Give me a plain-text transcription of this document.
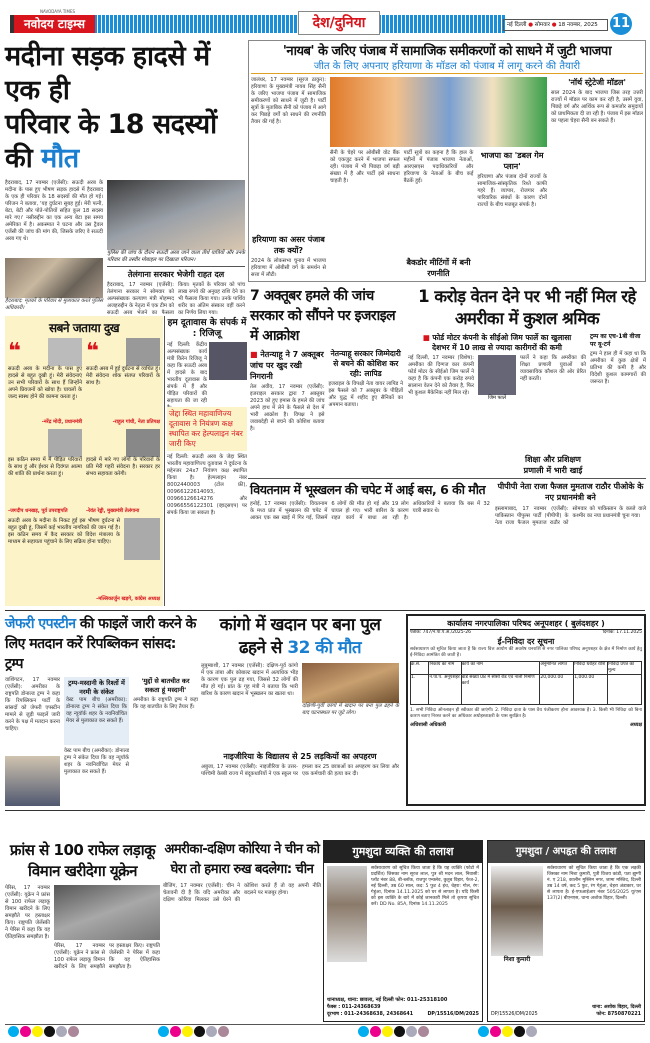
NAVODAYA TIMES
नवोदय टाइम्स	देश/दुनिया	नई दिल्ली ● सोमवार ● 18 नवम्बर, 2025	11
मदीना सड़क हादसे में एक ही
परिवार के 18 सदस्यों की मौत
हैदराबाद, 17 नवम्बर (एजेंसी): सऊदी अरब के मदीना के पास हुए भीषण सड़क हादसे में हैदराबाद के एक ही परिवार के 18 सदस्यों की मौत हो गई। परिजन ने बताया, 'यह दुर्घटना सुबह हुई। मेरी पत्नी, बेटा, बेटी और पोते-पोतियों सहित कुल 18 सदस्य मारे गए।' नसीरुद्दीन का एक अन्य बेटा इस समय अमेरिका में है। अकस्मात ने घटना और उस ट्रैवल एजेंसी की जांच की मांग की, जिसके जरिए वे सऊदी अरब गए थे।
हैदराबाद: मृतकों के परिवार से मुलाकात करते पुलिस अधिकारी।
पुलिस की जांच के दौरान सऊदी अरब जाने वाला तीर्थ यात्रियों और उनके परिवार की तस्वीर मोबाइल पर दिखाता परिजन।
तेलंगाना सरकार भेजेगी राहत दल
हैदराबाद, 17 नवम्बर (एजेंसी): तेलंगाना सरकार ने सोमवार को अल्पसंख्यक कल्याण मंत्री मोहम्मद अजहरुद्दीन के नेतृत्व में एक टीम को सऊदी अरब भेजने का फैसला किया। मृतकों के परिवार को पांच लाख रुपये की अनुग्रह राशि देने का भी फैसला किया गया। उनके पार्थिव शरीर का अंतिम संस्कार वहीं करने का निर्णय लिया गया।
सबने जताया दुख
❝
सऊदी अरब के मदीना के पास हुए हादसे से बहुत दुखी हूं। मेरी संवेदनाएं उन सभी परिवारों के साथ हैं जिन्होंने अपने प्रियजनों को खोया है। घायलों के जल्द स्वस्थ होने की कामना करता हूं।
-नरेंद्र मोदी, प्रधानमंत्री
❝
सऊदी अरब में हुई दुर्घटना से व्यथित हूं। मेरी संवेदना शोक संतप्त परिवारों के साथ है।
-राहुल गांधी, नेता प्रतिपक्ष
इस कठिन समय में मैं पीड़ित परिवारों के साथ हूं और ईश्वर से दिवंगत आत्मा की शांति की प्रार्थना करता हूं।
-जगदीप धनखड़, पूर्व उपराष्ट्रपति
हादसे में मारे गए लोगों के परिवारों के प्रति मेरी गहरी संवेदना है। सरकार हर संभव सहायता करेगी।
-रेवंत रेड्डी, मुख्यमंत्री तेलंगाना
सऊदी अरब के मदीना के निकट हुई इस भीषण दुर्घटना से बहुत दुखी हूं, जिसमें कई भारतीय नागरिकों की जान गई है। इस कठिन समय में कैद सरकार को विदेश मंत्रालय के माध्यम से सहायता पहुंचाने के लिए सक्रिय होना चाहिए।
-मल्लिकार्जुन खड़गे, कांग्रेस अध्यक्ष
हम दूतावास के संपर्क में : रिजिजू
नई दिल्ली: केंद्रीय अल्पसंख्यक कार्य मंत्री किरेन रिजिजू ने कहा कि सऊदी अरब में हादसे के बाद भारतीय दूतावास के संपर्क में हैं और पीड़ित परिवारों की सहायता की जा रही
जेद्दा स्थित महावाणिज्य दूतावास ने नियंत्रण कक्ष स्थापित कर हेल्पलाइन नंबर जारी किए
नई दिल्ली: सऊदी अरब के जेद्दा स्थित भारतीय महावाणिज्य दूतावास ने दुर्घटना के मद्देनजर 24x7 नियंत्रण कक्ष स्थापित किया है। हेल्पलाइन नंबर 8002440003 (टोल फ्री), 00966122614093, 00966126614276 और 00966556122301 (व्हाट्सएप) पर संपर्क किया जा सकता है।
'नायब' के जरिए पंजाब में सामाजिक समीकरणों को साधने में जुटी भाजपा
जीत के लिए अपनाए हरियाणा के मॉडल को पंजाब में लागू करने की तैयारी
जालंधर, 17 नवम्बर (सूरज ठाकुर): हरियाणा के मुख्यमंत्री नायब सिंह सैनी के जरिए भाजपा पंजाब में सामाजिक समीकरणों को साधने में जुटी है। पार्टी सूत्रों के मुताबिक सैनी को पंजाब में आगे कर पिछड़े वर्गों को साधने की रणनीति तैयार की गई है।
हरियाणा का असर पंजाब तक क्यों?
2024 के लोकसभा चुनाव में भाजपा हरियाणा में ओबीसी वर्ग के समर्थन से सत्ता में लौटी।
सैनी के चेहरे पर ओबीसी वोट बैंक को एकजुट करने में भाजपा सफल रही। पंजाब में भी पिछड़ा वर्ग बड़ी संख्या में है और पार्टी इसे साधना चाहती है।
पार्टी सूत्रों का कहना है कि हाल के महीनों में पंजाब भाजपा नेताओं, आरएसएस पदाधिकारियों और हरियाणा के नेताओं के बीच कई बैठकें हुईं।
बैकडोर मीटिंगों में बनी रणनीति
भाजपा का 'डबल गेम प्लान'
हरियाणा और पंजाब दोनों राज्यों के सामाजिक-सांस्कृतिक रिश्ते काफी गहरे हैं। व्यापार, रोजगार और पारिवारिक संबंधों के कारण दोनों राज्यों के बीच मजबूत संपर्क है।
'नॉर्थ स्ट्रेटेजी मॉडल'
साल 2024 के बाद भाजपा जिस तरह उत्तरी राज्यों में मॉडल पर काम कर रही है, उसमें युवा, पिछड़े वर्ग और आर्थिक रूप से कमजोर समुदायों को प्राथमिकता दी जा रही है। पंजाब में इस मॉडल का पहला चेहरा सैनी बन सकते हैं।
7 अक्तूबर हमले की जांच सरकार को सौंपने पर इजराइल में आक्रोश
■ नेतन्याहू ने 7 अक्तूबर जांच पर खुद रखी निगरानी
तेल अवीव, 17 नवम्बर (एजेंसी): इजराइल सरकार द्वारा 7 अक्तूबर 2023 को हुए हमास के हमले की जांच अपने हाथ में लेने के फैसले से देश में भारी आक्रोश है। विपक्ष ने इसे जवाबदेही से बचने की कोशिश बताया है।
नेतन्याहू सरकार जिम्मेदारी से बचने की कोशिश कर रही: लापिड
इजराइल के विपक्षी नेता यायर लापिड ने इस फैसले को 7 अक्तूबर के पीड़ितों और युद्ध में शहीद हुए सैनिकों का अपमान बताया।
1 करोड़ वेतन देने पर भी नहीं मिल रहे अमरीका में कुशल श्रमिक
■ फोर्ड मोटर कंपनी के सीईओ जिम फार्ले का खुलासा
देशभर में 10 लाख से ज्यादा कारीगरों की कमी
नई दिल्ली, 17 नवम्बर (विशेष): अमरीका की दिग्गज कार कंपनी फोर्ड मोटर के सीईओ जिम फार्ले ने कहा है कि कंपनी एक करोड़ रुपये सालाना वेतन देने को तैयार है, फिर भी कुशल मैकेनिक नहीं मिल रहे।
जिम फार्ले
फार्ले ने कहा कि अमरीका की शिक्षा प्रणाली युवाओं को व्यावसायिक कौशल की ओर प्रेरित नहीं करती।
शिक्षा और प्रशिक्षण प्रणाली में भारी खाई
ट्रम्प का एच-1बी वीजा पर यू-टर्न
ट्रम्प ने हाल ही में कहा था कि अमरीका में कुछ क्षेत्रों में प्रतिभा की कमी है और विदेशी कुशल कामगारों की जरूरत है।
वियतनाम में भूस्खलन की चपेट में आई बस, 6 की मौत
हनोई, 17 नवम्बर (एजेंसी): वियतनाम के मध्य प्रांत में भूस्खलन की चपेट में आकर एक बस खाई में गिर गई, जिसमें 6 लोगों की मौत हो गई और 19 लोग घायल हो गए। भारी बारिश के कारण राहत कार्य में बाधा आ रही है। अधिकारियों ने बताया कि बस में 32 यात्री सवार थे।
पीपीपी नेता राजा फैजल मुमताज राठौर पीओके के नए प्रधानमंत्री बने
इस्लामाबाद, 17 नवम्बर (एजेंसी): पाकिस्तान पीपुल्स पार्टी (पीपीपी) के नेता राजा फैजल मुमताज राठौर को सोमवार को पाकिस्तान के कब्जे वाले कश्मीर का नया प्रधानमंत्री चुना गया।
जेफरी एपस्टीन की फाइलें जारी करने के लिए मतदान करें रिपब्लिकन सांसद: ट्रम्प
वाशिंगटन, 17 नवम्बर (एजेंसी): अमरीका के राष्ट्रपति डोनाल्ड ट्रम्प ने कहा कि रिपब्लिकन पार्टी के सांसदों को जेफरी एपस्टीन मामले से जुड़ी फाइलें जारी करने के पक्ष में मतदान करना चाहिए।
ट्रम्प-मस्दानी के रिश्तों में नरमी के संकेत
वेस्ट पाम बीच (अमरीका): डोनाल्ड ट्रम्प ने संकेत दिया कि वह न्यूयॉर्क शहर के नवनिर्वाचित मेयर से मुलाकात कर सकते हैं।
वेस्ट पाम बीच (अमरीका): डोनाल्ड ट्रम्प ने संकेत दिया कि वह न्यूयॉर्क शहर के नवनिर्वाचित मेयर से मुलाकात कर सकते हैं।
'मुद्दों से बातचीत कर सकता हूं मस्दानी'
अमरीका के राष्ट्रपति ट्रम्प ने कहा कि वह बातचीत के लिए तैयार हैं।
कांगो में खदान पर बना पुल
ढहने से 32 की मौत
लुबुम्बाशी, 17 नवम्बर (एजेंसी): दक्षिण-पूर्व कांगो में एक तांबा और कोबाल्ट खदान में अत्यधिक भीड़ के कारण एक पुल ढह गया, जिससे 32 लोगों की मौत हो गई। प्रांत के गृह मंत्री ने बताया कि भारी बारिश के कारण खदान में भूस्खलन का खतरा था।
दक्षिणी-पूर्वी कांगो में खदान पर बना पुल ढहने के बाद घटनास्थल पर जुटे लोग।
नाइजीरिया के विद्यालय से 25 लड़कियों का अपहरण
अबुजा, 17 नवम्बर (एजेंसी): नाइजीरिया के उत्तर-पश्चिमी केब्बी राज्य में बंदूकधारियों ने एक स्कूल पर हमला कर 25 छात्राओं का अपहरण कर लिया और एक कर्मचारी की हत्या कर दी।
कार्यालय नगरपालिका परिषद अनूपशहर ( बुलंदशहर )
पत्रांक: 747/न.पा.प.अ./2025-26	दिनांक: 17.11.2025
ई-निविदा दर सूचना
सर्वसाधारण को सूचित किया जाता है कि राज्य वित्त आयोग की अवशेष धनराशि से नगर पालिका परिषद अनूपशहर के क्षेत्र में निर्माण कार्य हेतु ई-निविदा आमंत्रित की जाती है।
क्र.सं.	निकाय का नाम	कार्य का नाम	अनुमानित लागत	निविदा धरोहर राशि	निविदा प्रपत्र का मूल्य
1.	न.पा.प. अनूपशहर	वार्ड संख्या 08 में सीसी रोड एवं नाली निर्माण कार्य	20,000.00	1,000.00	
1. सभी निविदा ऑनलाइन ही स्वीकार की जाएंगी। 2. निविदा दाता के पास वैध पंजीकरण होना आवश्यक है। 3. किसी भी निविदा को बिना कारण बताए निरस्त करने का अधिकार अधोहस्ताक्षरी के पास सुरक्षित है।
अधिशासी अधिकारी	अध्यक्ष
फ्रांस से 100 राफेल लड़ाकू विमान खरीदेगा यूक्रेन
पेरिस, 17 नवम्बर (एजेंसी): यूक्रेन ने फ्रांस से 100 राफेल लड़ाकू विमान खरीदने के लिए समझौते पर हस्ताक्षर किए। राष्ट्रपति जेलेंस्की ने पेरिस में कहा कि यह ऐतिहासिक समझौता है।
पेरिस, 17 नवम्बर (एजेंसी): यूक्रेन ने फ्रांस से 100 राफेल लड़ाकू विमान खरीदने के लिए समझौते पर हस्ताक्षर किए। राष्ट्रपति जेलेंस्की ने पेरिस में कहा कि यह ऐतिहासिक समझौता है।
अमरीका-दक्षिण कोरिया ने चीन को घेरा तो हमारा रुख बदलेगा: चीन
बीजिंग, 17 नवम्बर (एजेंसी): चीन ने चेतावनी दी है कि यदि अमरीका और दक्षिण कोरिया मिलकर उसे घेरने की कोशिश करते हैं तो वह अपनी नीति बदलने पर मजबूर होगा।
गुमशुदा व्यक्ति की तलाश
सर्वसाधारण को सूचित किया जाता है कि यह व्यक्ति (फोटो में प्रदर्शित) जिसका नाम सूरज लाल, पुत्र श्री मदन लाल, निवासी: प्लॉट नंबर 88, बी-ब्लॉक, राजपुर एन्क्लेव, कुतुब विहार, फेज-2, नई दिल्ली, उम्र 60 साल, कद: 5 फुट 4 इंच, चेहरा: गोल, रंग: गेहुंआ, दिनांक 14.11.2025 को घर से लापता है। यदि किसी को इस व्यक्ति के बारे में कोई जानकारी मिले तो कृपया सूचित करें। DD No. 85A, दिनांक 14.11.2025
थानाध्यक्ष, थाना: छावला, नई दिल्ली फोन: 011-25318100
फैक्स : 011-24368639
दूरभाष : 011-24368638, 24368641	DP/15516/DM/2025
गुमशुदा / अपहृत की तलाश
निशा कुमारी
सर्वसाधारण को सूचित किया जाता है कि एक लड़की जिसका नाम निशा कुमारी, पुत्री विजय कांडी, पता झुग्गी नं. ए 218, कालीन मुस्लिम नगर, जामा मस्जिद, दिल्ली उम्र 14 वर्ष, कद 5 फुट, रंग गेहुंआ, चेहरा अंडाकार, घर से लापता है। ई-एफआईआर नंबर 505/2025 यू/एस 137(2) बीएनएस, थाना अशोक विहार, दिल्ली।
थाना: अशोक विहार, दिल्ली
DP/15526/DM/2025	फोन: 8750870221
